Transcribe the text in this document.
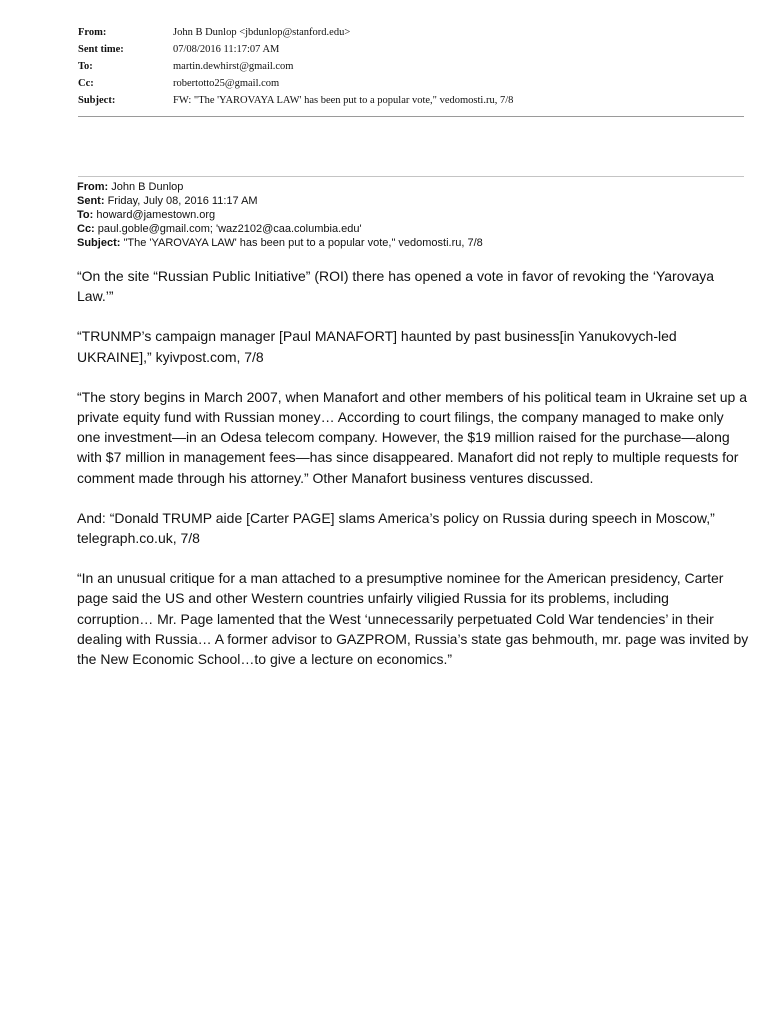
From:	John B Dunlop <jbdunlop@stanford.edu>
Sent time:	07/08/2016 11:17:07 AM
To:	martin.dewhirst@gmail.com
Cc:	robertotto25@gmail.com
Subject:	FW: "The 'YAROVAYA LAW' has been put to a popular vote," vedomosti.ru, 7/8
From: John B Dunlop
Sent: Friday, July 08, 2016 11:17 AM
To: howard@jamestown.org
Cc: paul.goble@gmail.com; 'waz2102@caa.columbia.edu'
Subject: "The 'YAROVAYA LAW' has been put to a popular vote," vedomosti.ru, 7/8

“On the site “Russian Public Initiative” (ROI) there has opened a vote in favor of revoking the ‘Yarovaya Law.’”

“TRUNMP’s campaign manager [Paul MANAFORT] haunted by past business[in Yanukovych-led UKRAINE],” kyivpost.com, 7/8

“The story begins in March 2007, when Manafort and other members of his political team in Ukraine set up a private equity fund with Russian money… According to court filings, the company managed to make only one investment—in an Odesa telecom company. However, the $19 million raised for the purchase—along with $7 million in management fees—has since disappeared. Manafort did not reply to multiple requests for comment made through his attorney.” Other Manafort business ventures discussed.

And: “Donald TRUMP aide [Carter PAGE] slams America’s policy on Russia during speech in Moscow,” telegraph.co.uk, 7/8

“In an unusual critique for a man attached to a presumptive nominee for the American presidency, Carter page said the US and other Western countries unfairly viligied Russia for its problems, including corruption… Mr. Page lamented that the West ‘unnecessarily perpetuated Cold War tendencies’ in their dealing with Russia… A former advisor to GAZPROM, Russia’s state gas behmouth, mr. page was invited by the New Economic School…to give a lecture on economics.”
